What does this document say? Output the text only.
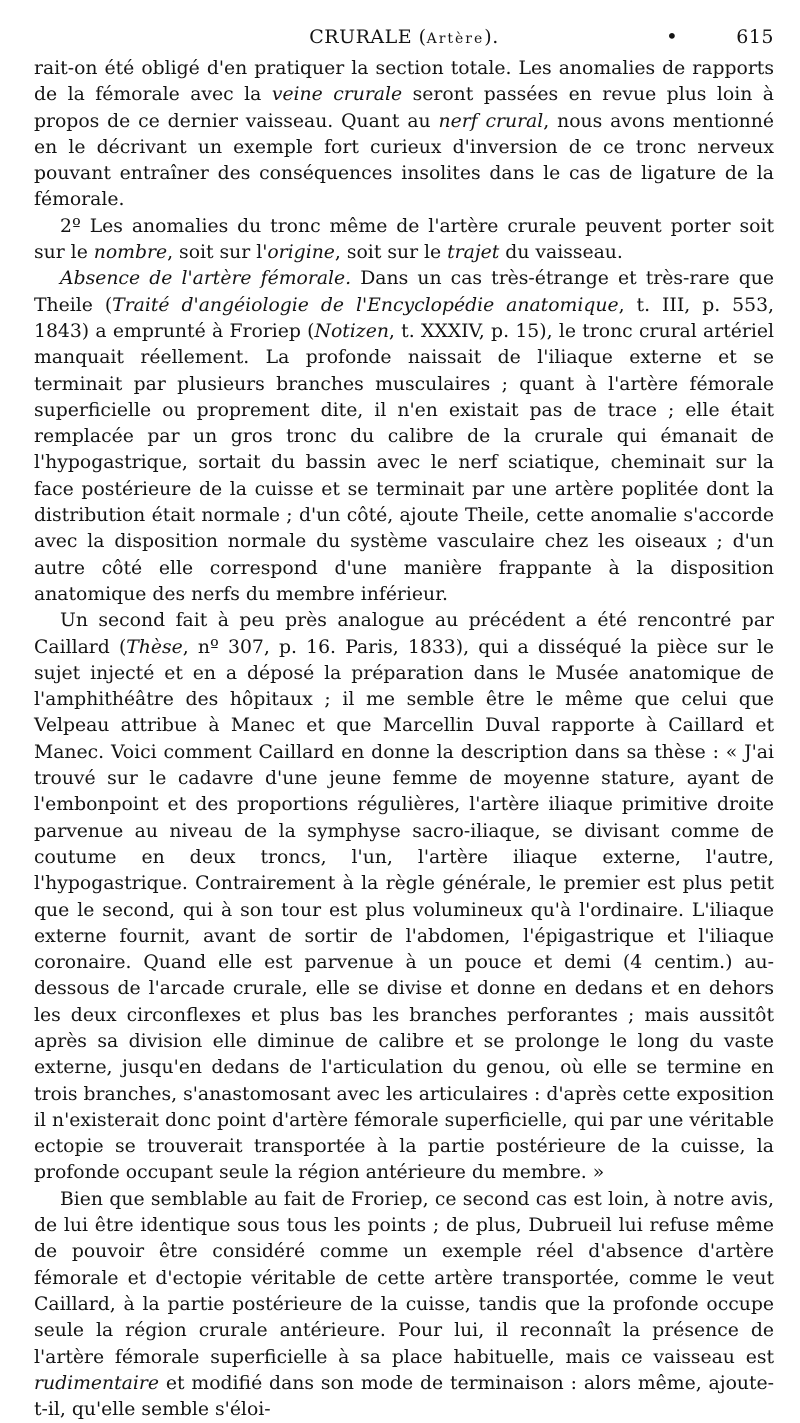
CRURALE (Artère).	•	615

rait-on été obligé d'en pratiquer la section totale. Les anomalies de rapports de la fémorale avec la veine crurale seront passées en revue plus loin à propos de ce dernier vaisseau. Quant au nerf crural, nous avons mentionné en le décrivant un exemple fort curieux d'inversion de ce tronc nerveux pouvant entraîner des conséquences insolites dans le cas de ligature de la fémorale.

2º Les anomalies du tronc même de l'artère crurale peuvent porter soit sur le nombre, soit sur l'origine, soit sur le trajet du vaisseau.

Absence de l'artère fémorale. Dans un cas très-étrange et très-rare que Theile (Traité d'angéiologie de l'Encyclopédie anatomique, t. III, p. 553, 1843) a emprunté à Froriep (Notizen, t. XXXIV, p. 15), le tronc crural artériel manquait réellement. La profonde naissait de l'iliaque externe et se terminait par plusieurs branches musculaires ; quant à l'artère fémorale superficielle ou proprement dite, il n'en existait pas de trace ; elle était remplacée par un gros tronc du calibre de la crurale qui émanait de l'hypogastrique, sortait du bassin avec le nerf sciatique, cheminait sur la face postérieure de la cuisse et se terminait par une artère poplitée dont la distribution était normale ; d'un côté, ajoute Theile, cette anomalie s'accorde avec la disposition normale du système vasculaire chez les oiseaux ; d'un autre côté elle correspond d'une manière frappante à la disposition anatomique des nerfs du membre inférieur.

Un second fait à peu près analogue au précédent a été rencontré par Caillard (Thèse, nº 307, p. 16. Paris, 1833), qui a disséqué la pièce sur le sujet injecté et en a déposé la préparation dans le Musée anatomique de l'amphithéâtre des hôpitaux ; il me semble être le même que celui que Velpeau attribue à Manec et que Marcellin Duval rapporte à Caillard et Manec. Voici comment Caillard en donne la description dans sa thèse : « J'ai trouvé sur le cadavre d'une jeune femme de moyenne stature, ayant de l'embonpoint et des proportions régulières, l'artère iliaque primitive droite parvenue au niveau de la symphyse sacro-iliaque, se divisant comme de coutume en deux troncs, l'un, l'artère iliaque externe, l'autre, l'hypogastrique. Contrairement à la règle générale, le premier est plus petit que le second, qui à son tour est plus volumineux qu'à l'ordinaire. L'iliaque externe fournit, avant de sortir de l'abdomen, l'épigastrique et l'iliaque coronaire. Quand elle est parvenue à un pouce et demi (4 centim.) au-dessous de l'arcade crurale, elle se divise et donne en dedans et en dehors les deux circonflexes et plus bas les branches perforantes ; mais aussitôt après sa division elle diminue de calibre et se prolonge le long du vaste externe, jusqu'en dedans de l'articulation du genou, où elle se termine en trois branches, s'anastomosant avec les articulaires : d'après cette exposition il n'existerait donc point d'artère fémorale superficielle, qui par une véritable ectopie se trouverait transportée à la partie postérieure de la cuisse, la profonde occupant seule la région antérieure du membre. »

Bien que semblable au fait de Froriep, ce second cas est loin, à notre avis, de lui être identique sous tous les points ; de plus, Dubrueil lui refuse même de pouvoir être considéré comme un exemple réel d'absence d'artère fémorale et d'ectopie véritable de cette artère transportée, comme le veut Caillard, à la partie postérieure de la cuisse, tandis que la profonde occupe seule la région crurale antérieure. Pour lui, il reconnaît la présence de l'artère fémorale superficielle à sa place habituelle, mais ce vaisseau est rudimentaire et modifié dans son mode de terminaison : alors même, ajoute-t-il, qu'elle semble s'éloi-
